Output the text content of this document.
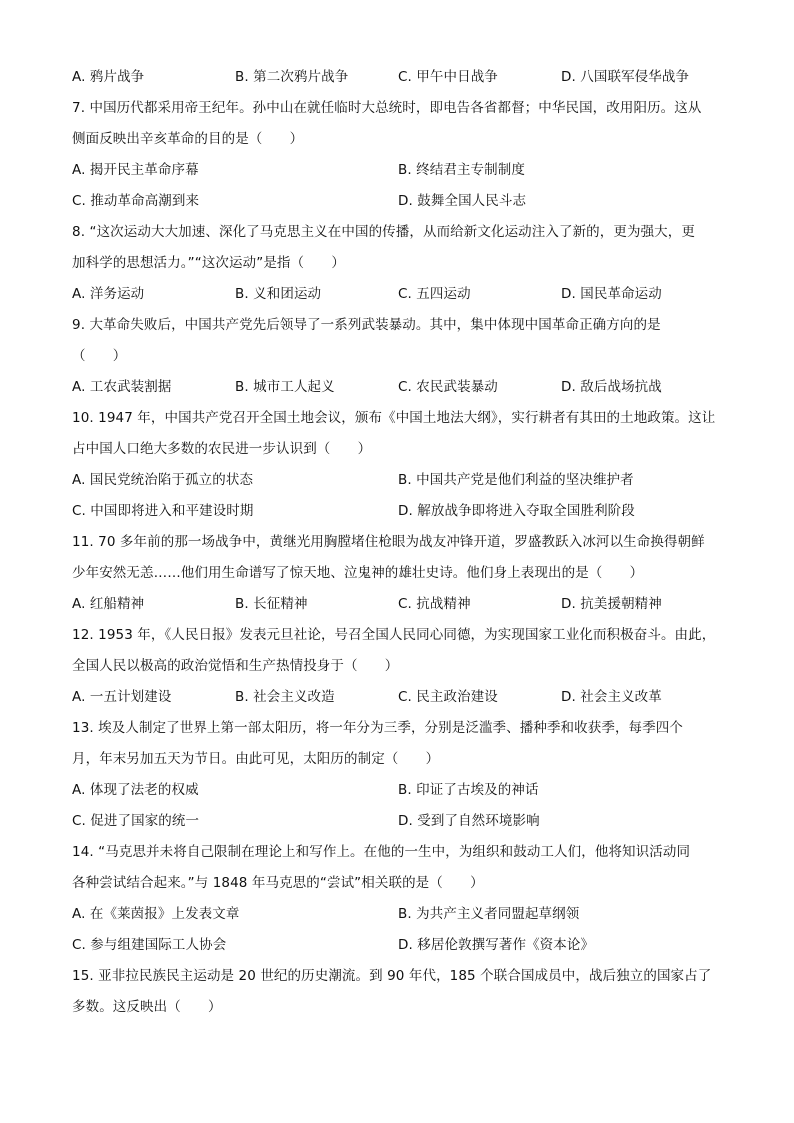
A. 鸦片战争	B. 第二次鸦片战争	C. 甲午中日战争	D. 八国联军侵华战争
7. 中国历代都采用帝王纪年。孙中山在就任临时大总统时，即电告各省都督；中华民国，改用阳历。这从
侧面反映出辛亥革命的目的是（　　）
A. 揭开民主革命序幕	B. 终结君主专制制度
C. 推动革命高潮到来	D. 鼓舞全国人民斗志
8. “这次运动大大加速、深化了马克思主义在中国的传播，从而给新文化运动注入了新的，更为强大，更
加科学的思想活力。”“这次运动”是指（　　）
A. 洋务运动	B. 义和团运动	C. 五四运动	D. 国民革命运动
9. 大革命失败后，中国共产党先后领导了一系列武装暴动。其中，集中体现中国革命正确方向的是
（　　）
A. 工农武装割据	B. 城市工人起义	C. 农民武装暴动	D. 敌后战场抗战
10. 1947 年，中国共产党召开全国土地会议，颁布《中国土地法大纲》，实行耕者有其田的土地政策。这让
占中国人口绝大多数的农民进一步认识到（　　）
A. 国民党统治陷于孤立的状态	B. 中国共产党是他们利益的坚决维护者
C. 中国即将进入和平建设时期	D. 解放战争即将进入夺取全国胜利阶段
11. 70 多年前的那一场战争中，黄继光用胸膛堵住枪眼为战友冲锋开道，罗盛教跃入冰河以生命换得朝鲜
少年安然无恙……他们用生命谱写了惊天地、泣鬼神的雄壮史诗。他们身上表现出的是（　　）
A. 红船精神	B. 长征精神	C. 抗战精神	D. 抗美援朝精神
12. 1953 年，《人民日报》发表元旦社论，号召全国人民同心同德，为实现国家工业化而积极奋斗。由此，
全国人民以极高的政治觉悟和生产热情投身于（　　）
A. 一五计划建设	B. 社会主义改造	C. 民主政治建设	D. 社会主义改革
13. 埃及人制定了世界上第一部太阳历，将一年分为三季，分别是泛滥季、播种季和收获季，每季四个
月，年末另加五天为节日。由此可见，太阳历的制定（　　）
A. 体现了法老的权威	B. 印证了古埃及的神话
C. 促进了国家的统一	D. 受到了自然环境影响
14. “马克思并未将自己限制在理论上和写作上。在他的一生中，为组织和鼓动工人们，他将知识活动同
各种尝试结合起来。”与 1848 年马克思的“尝试”相关联的是（　　）
A. 在《莱茵报》上发表文章	B. 为共产主义者同盟起草纲领
C. 参与组建国际工人协会	D. 移居伦敦撰写著作《资本论》
15. 亚非拉民族民主运动是 20 世纪的历史潮流。到 90 年代，185 个联合国成员中，战后独立的国家占了
多数。这反映出（　　）
